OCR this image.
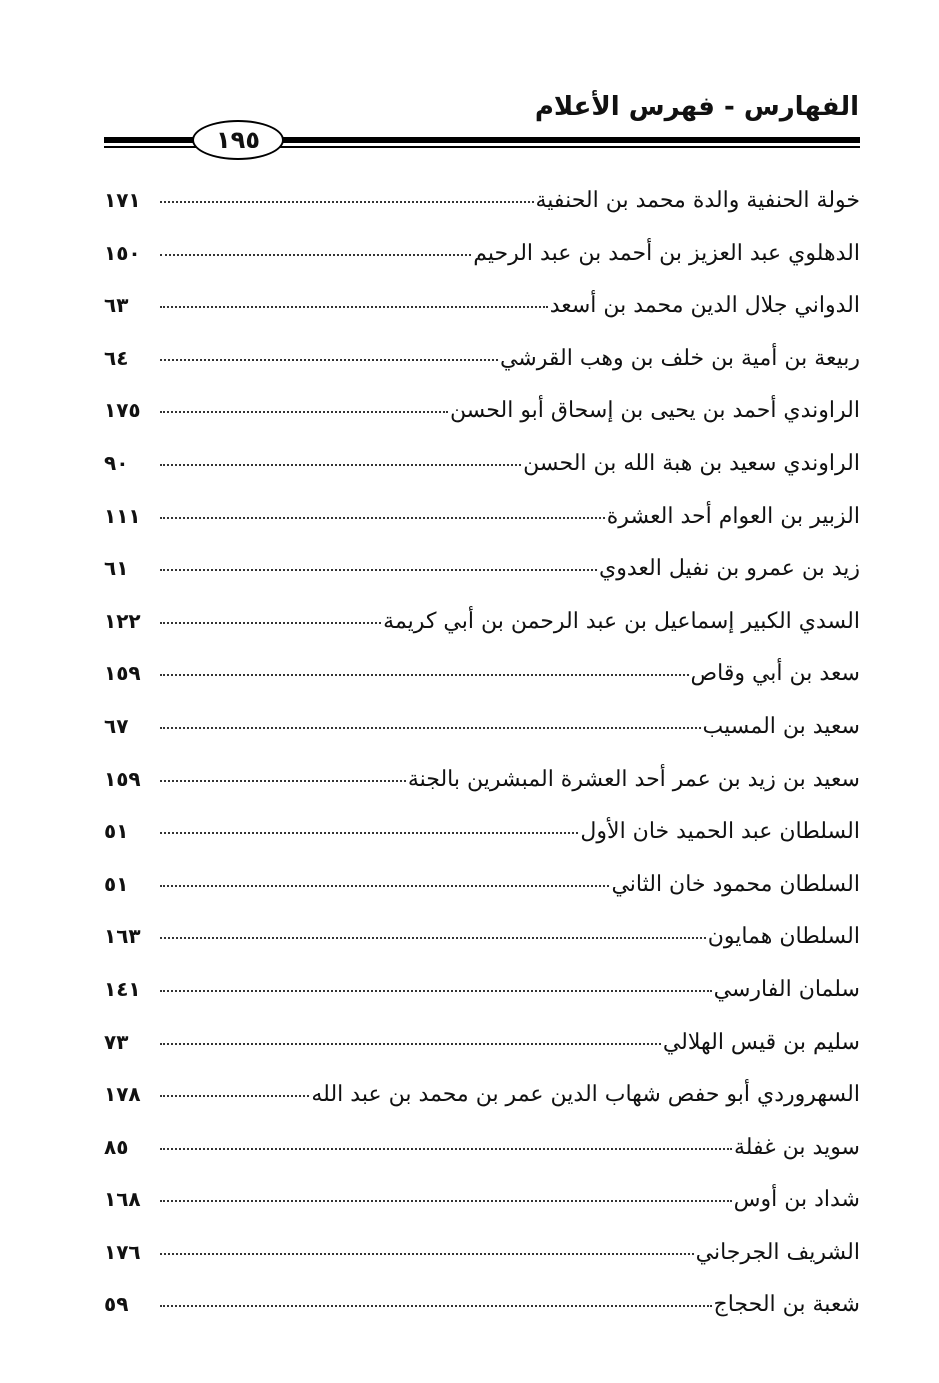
الفهارس - فهرس الأعلام
١٩٥
خولة الحنفية والدة محمد بن الحنفية
١٧١
الدهلوي عبد العزيز بن أحمد بن عبد الرحيم
١٥٠
الدواني جلال الدين محمد بن أسعد
٦٣
ربيعة بن أمية بن خلف بن وهب القرشي
٦٤
الراوندي أحمد بن يحيى بن إسحاق أبو الحسن
١٧٥
الراوندي سعيد بن هبة الله بن الحسن
٩٠
الزبير بن العوام أحد العشرة
١١١
زيد بن عمرو بن نفيل العدوي
٦١
السدي الكبير إسماعيل بن عبد الرحمن بن أبي كريمة
١٢٢
سعد بن أبي وقاص
١٥٩
سعيد بن المسيب
٦٧
سعيد بن زيد بن عمر أحد العشرة المبشرين بالجنة
١٥٩
السلطان عبد الحميد خان الأول
٥١
السلطان محمود خان الثاني
٥١
السلطان همايون
١٦٣
سلمان الفارسي
١٤١
سليم بن قيس الهلالي
٧٣
السهروردي أبو حفص شهاب الدين عمر بن محمد بن عبد الله
١٧٨
سويد بن غفلة
٨٥
شداد بن أوس
١٦٨
الشريف الجرجاني
١٧٦
شعبة بن الحجاج
٥٩
